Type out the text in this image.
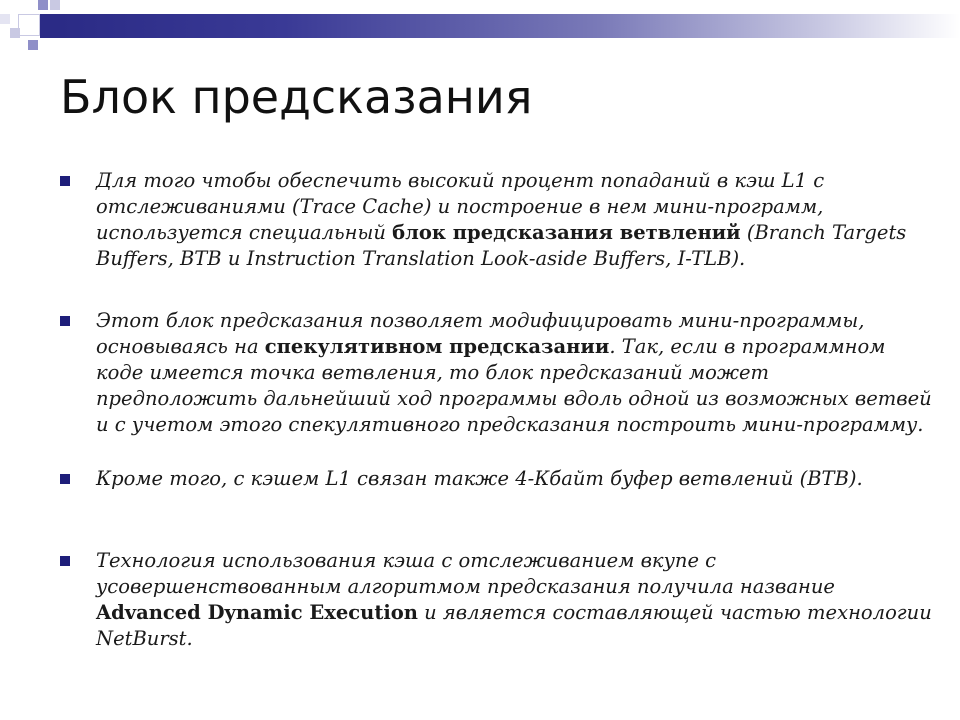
Блок предсказания
Для того чтобы обеспечить высокий процент попаданий в кэш L1 с отслеживаниями (Trace Cache) и построение в нем мини-программ, используется специальный блок предсказания ветвлений (Branch Targets Buffers, BTB и Instruction Translation Look-aside Buffers, I-TLB).
Этот блок предсказания позволяет модифицировать мини-программы, основываясь на спекулятивном предсказании. Так, если в программном коде имеется точка ветвления, то блок предсказаний может предположить дальнейший ход программы вдоль одной из возможных ветвей и с учетом этого спекулятивного предсказания построить мини-программу.
Кроме того, с кэшем L1 связан также 4-Кбайт буфер ветвлений (BTB).
Технология использования кэша с отслеживанием вкупе с усовершенствованным алгоритмом предсказания получила название Advanced Dynamic Execution и является составляющей частью технологии NetBurst.
